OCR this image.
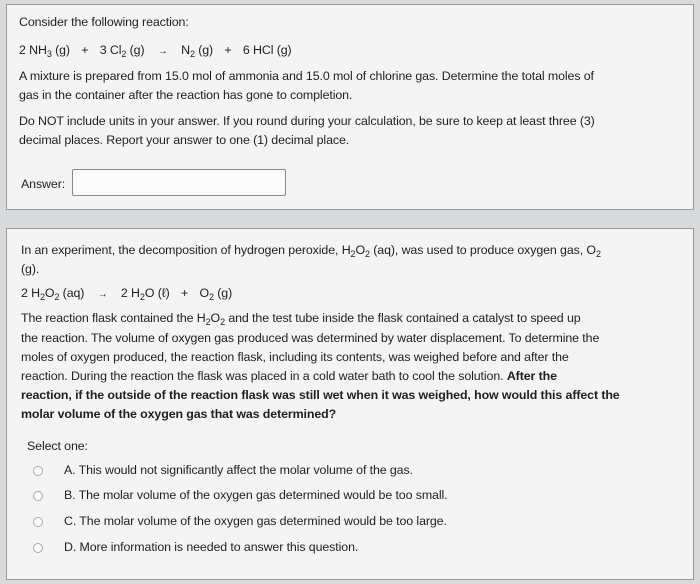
Consider the following reaction:
2 $NH_3$ (g) + 3 $Cl_2$ $(g) \to N_2$ (g) + 6 HCl (g)
A mixture is prepared from 15.0 mol of ammonia and 15.0 mol of chlorine gas. Determine the total moles of
gas in the container after the reaction has gone to completion.
Do NOT include units in your answer. If you round during your calculation, be sure to keep at least three (3)
decimal places. Report your answer to one (1) decimal place.
Answer:
In an experiment, the decomposition of hydrogen peroxide, $H_2O_2$ (aq), was used to produce oxygen gas, $O_2$
(g).
2 $H_2O_2$ (aq) → 2 $H_2O$ (ℓ) + $O_2$ (g)
The reaction flask contained the $H_2O_2$ and the test tube inside the flask contained a catalyst to speed up
the reaction. The volume of oxygen gas produced was determined by water displacement. To determine the
moles of oxygen produced, the reaction flask, including its contents, was weighed before and after the
reaction. During the reaction the flask was placed in a cold water bath to cool the solution. After the
reaction, if the outside of the reaction flask was still wet when it was weighed, how would this affect the
molar volume of the oxygen gas that was determined?
Select one:
A. This would not significantly affect the molar volume of the gas.
B. The molar volume of the oxygen gas determined would be too small.
C. The molar volume of the oxygen gas determined would be too large.
D. More information is needed to answer this question.
